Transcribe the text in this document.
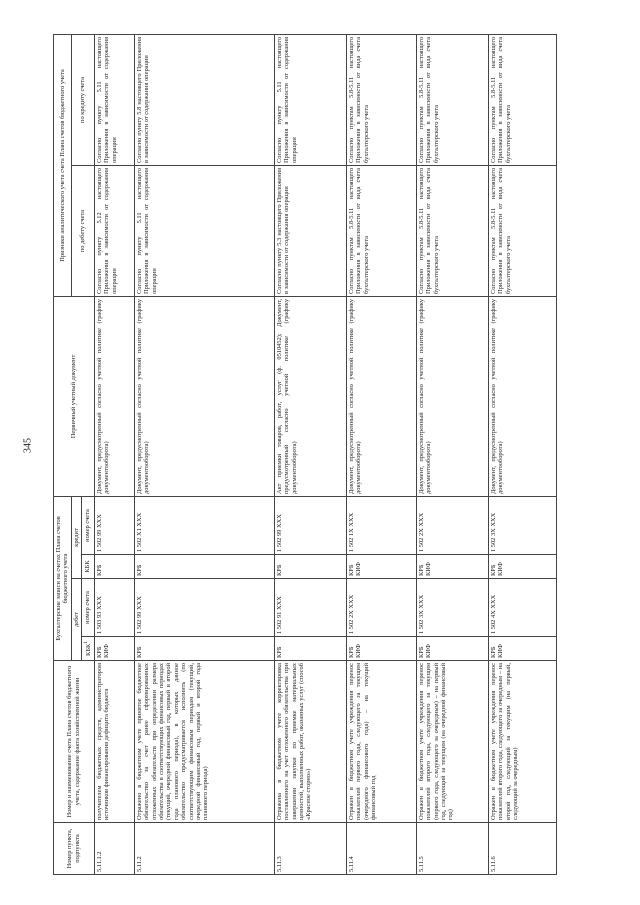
345
Номер пункта, подпункта	Номер и наименование счета Плана счетов бюджетного учета, содержание факта хозяйственной жизни	Бухгалтерские записи на счетах Плана счетов бюджетного учета				Первичный учетный документ	Признаки аналитического учета счета Плана счетов бюджетного учета	
		дебет		кредит			по дебету счета	по кредиту счета
		КБК$^1$	номер счета	КБК	номер счета			
5.11.1.2	получателем бюджетных средств, администратором источников финансирования дефицита бюджета	КРБ КИФ	1 503 93 ХХХ	КРБ	1 502 99 ХХХ	Документ, предусмотренный согласно учетной политике (графику документооборота)	Согласно пункту 5.12 настоящего Приложения в зависимости от содержания операции	Согласно пункту 5.11 настоящего Приложения в зависимости от содержания операции
5.11.2	Отражено в бюджетном учете принятое бюджетное обязательство за счет ранее сформированных отложенных обязательств при определении размера обязательства в соответствующих финансовых периодах (текущий, очередной финансовый год, первый и второй года планового периода), в которых данное обязательство предусматривается исполнить (по соответствующим финансовым периодам (текущий, очередной финансовый год, первый и второй года планового периода)	КРБ	1 502 99 ХХХ	КРБ	1 502 Х1 ХХХ	Документ, предусмотренный согласно учетной политике (графику документооборота)	Согласно пункту 5.11 настоящего Приложения в зависимости от содержания операции	Согласно пункту 5.8 настоящего Приложения в зависимости от содержания операции
5.11.3	Отражена в бюджетном учете корректировка поставленного на учет отложенного обязательства при завершении закупки по приемке материальных ценностей, выполненных работ, оказанных услуг (способ «Красное сторно»)	КРБ	1 502 91 ХХХ	КРБ	1 502 99 ХХХ	Акт приемки товаров, работ, услуг (ф. 0510452); Документ, предусмотренный согласно учетной политике (графику документооборота)	Согласно пункту 5.3 настоящего Приложения в зависимости от содержания операции	Согласно пункту 5.11 настоящего Приложения в зависимости от содержания операции
5.11.4	Отражен в бюджетном учете учреждения перенос показателей первого года, следующего за текущим (очередного финансового года) – на текущий финансовый год	КРБ КИФ	1 502 2Х ХХХ	КРБ КИФ	1 502 1Х ХХХ	Документ, предусмотренный согласно учетной политике (графику документооборота)	Согласно пунктам 5.8-5.11 настоящего Приложения в зависимости от вида счета бухгалтерского учета	Согласно пунктам 5.8-5.11 настоящего Приложения в зависимости от вида счета бухгалтерского учета
5.11.5	Отражен в бюджетном учете учреждения перенос показателей второго года, следующего за текущим (первого года, следующего за очередным) – на первый год, следующий за текущим (на очередной финансовый год)	КРБ КИФ	1 502 3Х ХХХ	КРБ КИФ	1 502 2Х ХХХ	Документ, предусмотренный согласно учетной политике (графику документооборота)	Согласно пунктам 5.8-5.11 настоящего Приложения в зависимости от вида счета бухгалтерского учета	Согласно пунктам 5.8-5.11 настоящего Приложения в зависимости от вида счета бухгалтерского учета
5.11.6	Отражен в бюджетном учете учреждения перенос показателей второго года, следующего за очередным – на второй год, следующий за текущим (на первый, следующий за очередным)	КРБ КИФ	1 502 4Х ХХХ	КРБ КИФ	1 502 3Х ХХХ	Документ, предусмотренный согласно учетной политике (графику документооборота)	Согласно пунктам 5.8-5.11 настоящего Приложения в зависимости от вида счета бухгалтерского учета	Согласно пунктам 5.8-5.11 настоящего Приложения в зависимости от вида счета бухгалтерского учета
